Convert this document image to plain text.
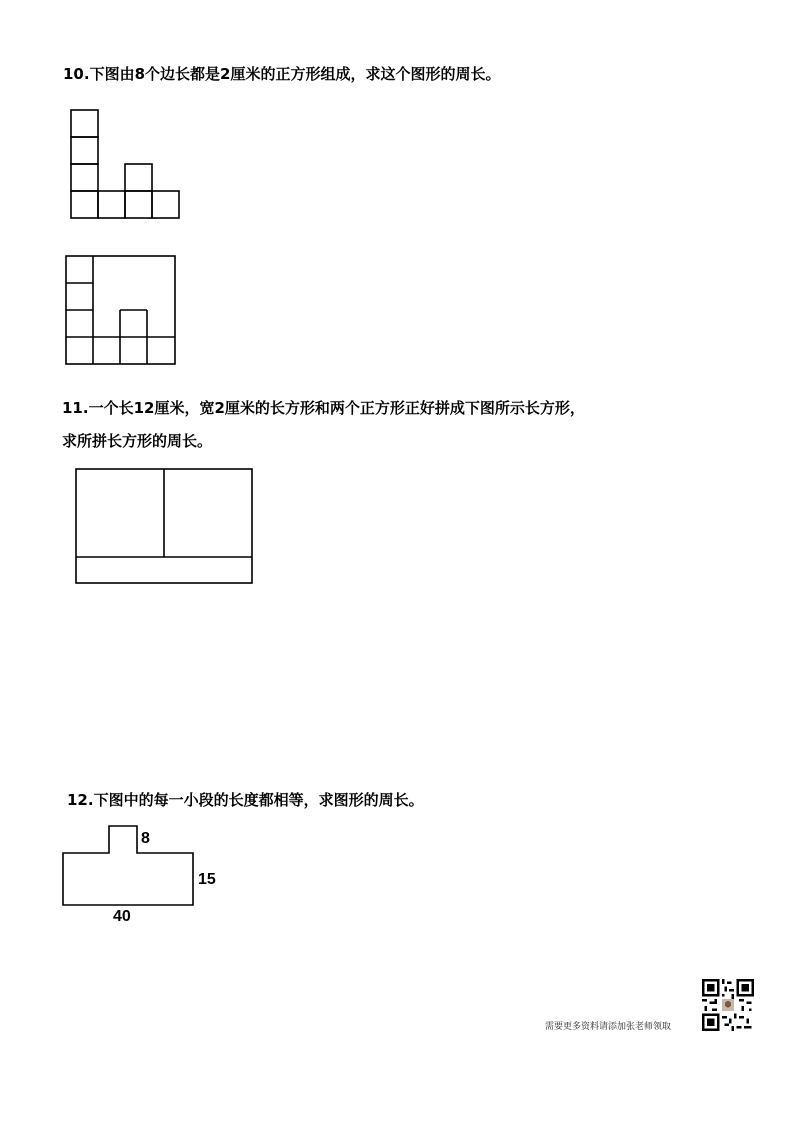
10.下图由8个边长都是2厘米的正方形组成，求这个图形的周长。
11.一个长12厘米，宽2厘米的长方形和两个正方形正好拼成下图所示长方形，
求所拼长方形的周长。
12.下图中的每一小段的长度都相等，求图形的周长。
8
15
40
需要更多资料请添加张老师领取
